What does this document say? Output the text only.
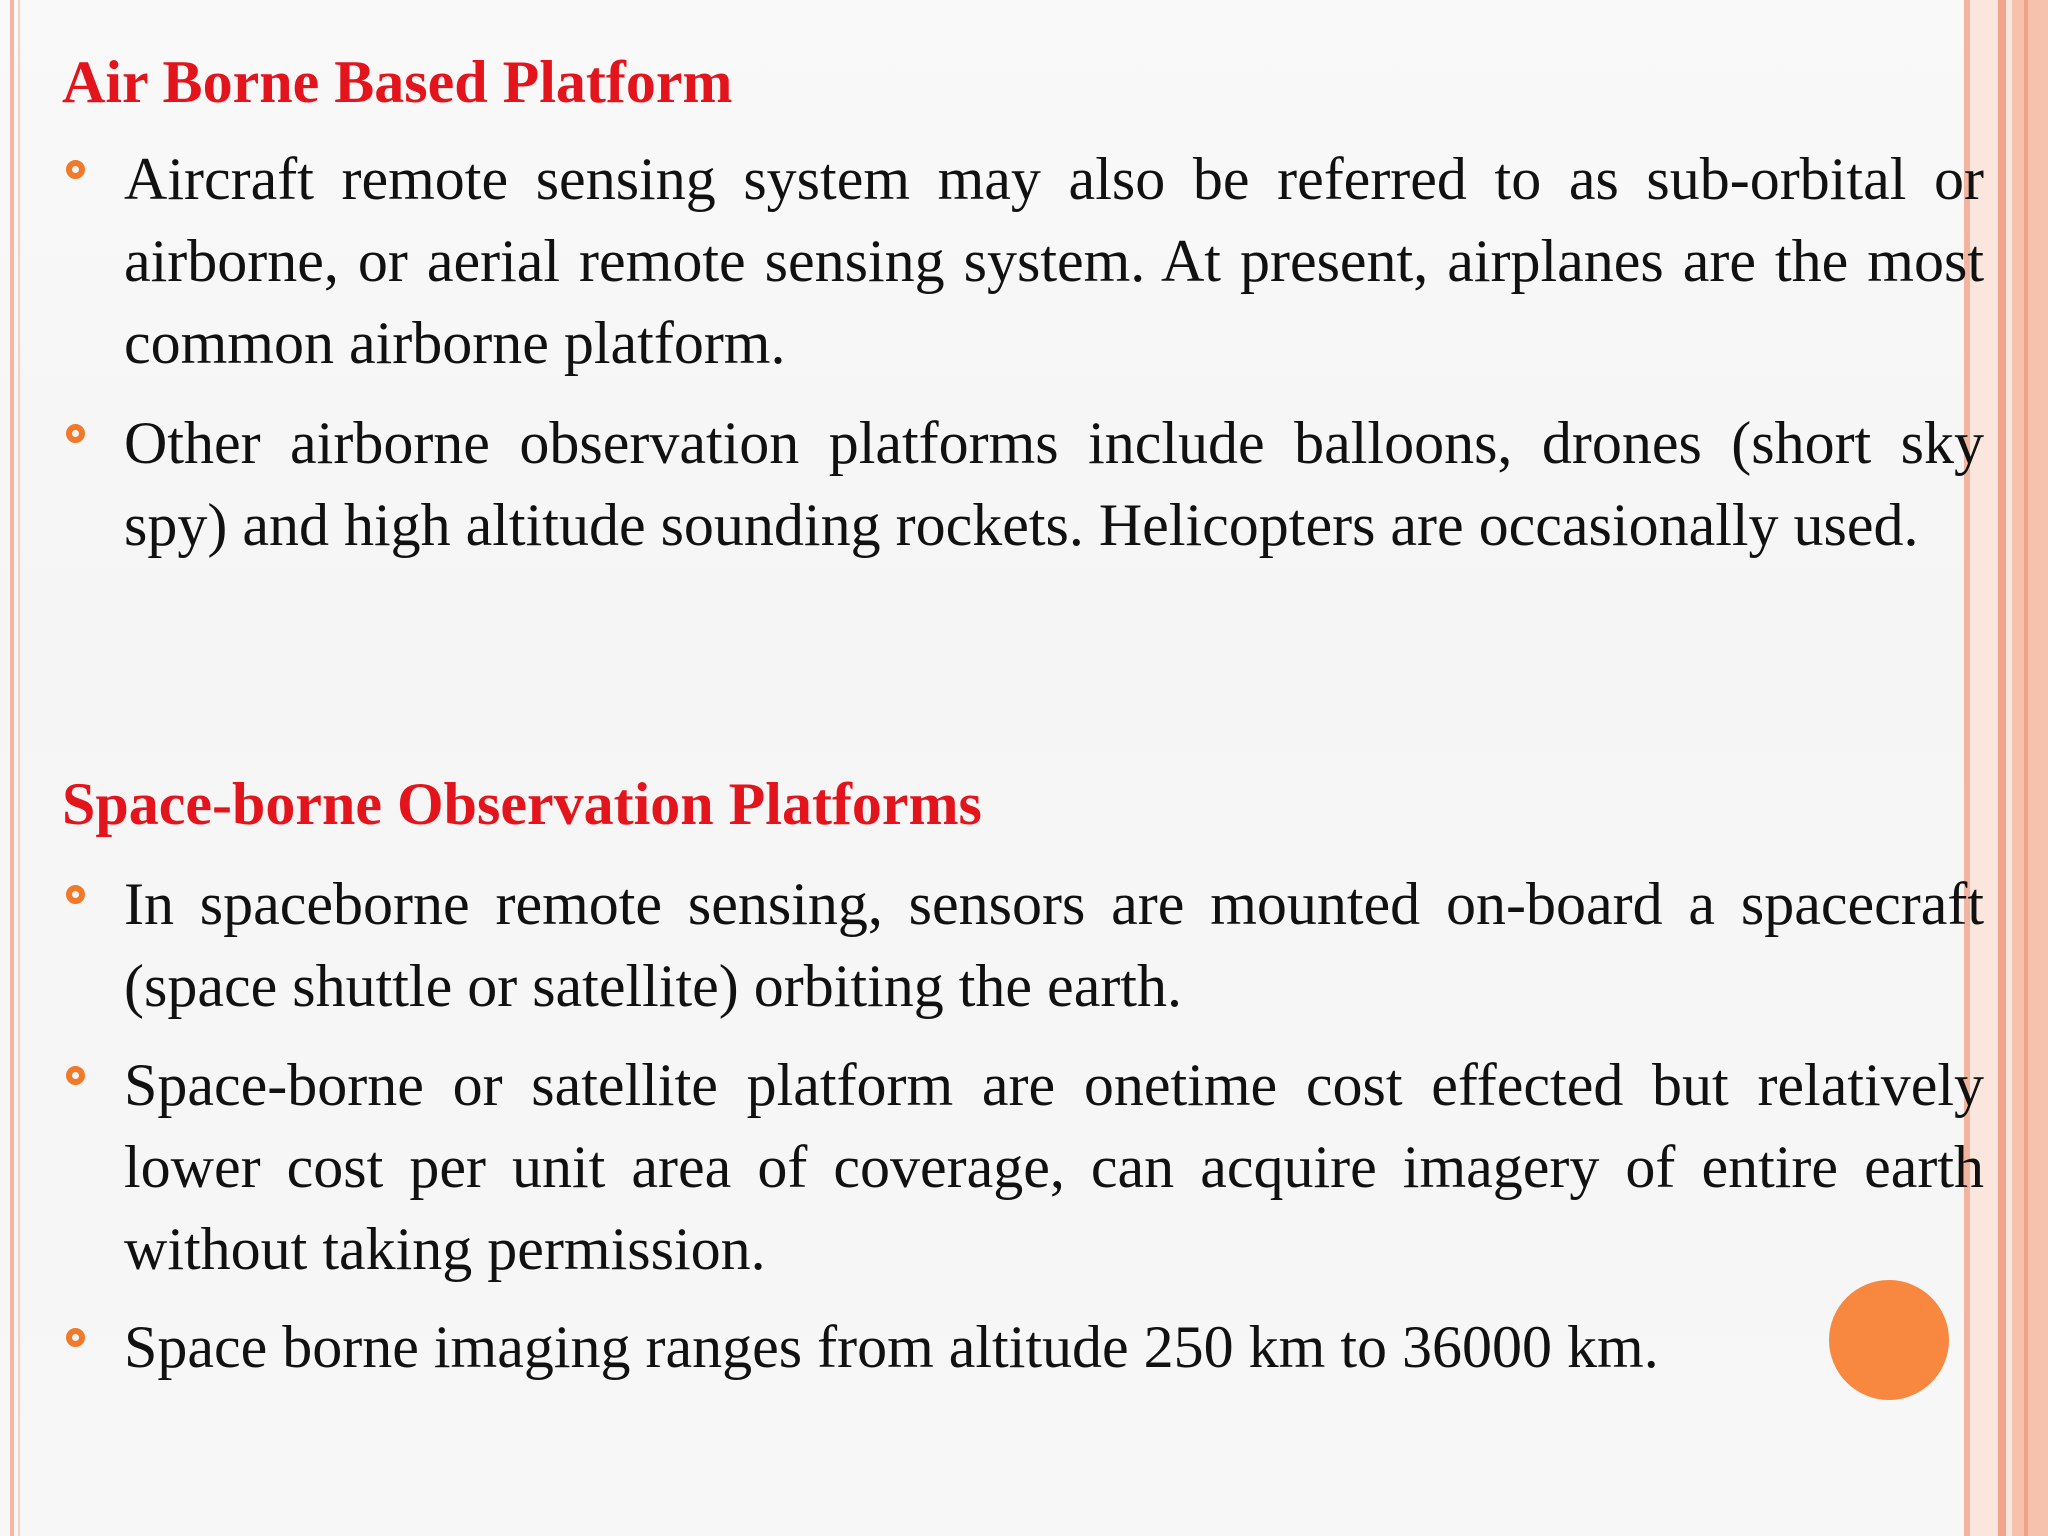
Air Borne Based Platform
Aircraft remote sensing system may also be referred to as sub-orbital or airborne, or aerial remote sensing system. At present, airplanes are the most common airborne platform.
Other airborne observation platforms include balloons, drones (short sky spy) and high altitude sounding rockets. Helicopters are occasionally used.
Space-borne Observation Platforms
In spaceborne remote sensing, sensors are mounted on-board a spacecraft (space shuttle or satellite) orbiting the earth.
Space-borne or satellite platform are onetime cost effected but relatively lower cost per unit area of coverage, can acquire imagery of entire earth without taking permission.
Space borne imaging ranges from altitude 250 km to 36000 km.
